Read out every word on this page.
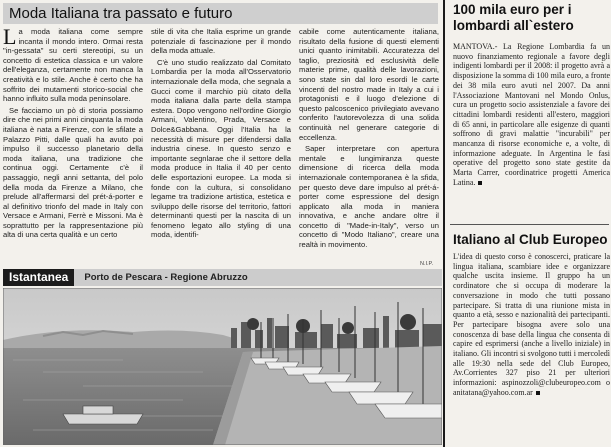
Moda Italiana tra passato e futuro

La moda italiana come sempre incanta il mondo intero. Ormai resta "in-gessata" su certi stereotipi, su un concetto di estetica classica e un valore dell'eleganza, certamente non manca la creatività e lo stile. Anche è certo che ha soffrito dei mutamenti storico-social che hanno influito sulla moda peninsolare.

Se facciamo un pò di storia possiamo dire che nei primi anni cinquanta la moda italiana è nata a Firenze, con le sfilate a Palazzo Pitti, dalle quali ha avuto poi impulso il successo planetario della moda italiana, una tradizione che continua oggi. Certamente c'è il passaggio, negli anni settanta, del polo della moda da Firenze a Milano, che prelude all'affermarsi del prét-á-porter e al definitivo trionfo del made in Italy con Versace e Armani, Ferrè e Missoni. Ma è soprattutto per la rappresentazione più alta di una certa qualità e un certo

stile di vita che Italia esprime un grande potenziale di fascinazione per il mondo della moda attuale.

C'è uno studio realizzato dal Comitato Lombardia per la moda all'Osservatorio internazionale della moda, che segnala a Gucci come il marchio più citato della moda italiana dalla parte della stampa estera. Dopo vengono nell'ordine Giorgio Armani, Valentino, Prada, Versace e Dolce&Gabbana. Oggi l'Italia ha la necessità di misure per difendersi dalla industria cinese. In questo senzo e importante segnlarae che il settore della moda produce in Italia il 40 per cento delle esportazioni europee. La moda si fonde con la cultura, si consolidano legame tra tradizione artistica, estetica e sviluppo delle risorse del territorio, fattori determinanti questi per la nascita di un fenomeno legato allo styling di una moda, identifi-

cabile come autenticamente italiana, risultato della fusione di questi elementi unici quanto inimitabili. Accuratezza del taglio, preziosità ed esclusività delle materie prime, qualità delle lavorazioni, sono state sin dal loro esordi le carte vincenti del nostro made in Italy a cui i protagonisti e il luogo d'elezione di questo palcoscenico privilegiato avevano conferito l'autorevolezza di una solida continuità nel generare categorie di eccellenza.

Saper interpretare con apertura mentale e lungimiranza queste dimensione di ricerca della moda internazionale contemporanea è la sfida, per questo deve dare impulso al prét-á-porter come espressione del design applicato alla moda in maniera innovativa, e anche andare oltre il concetto di "Made-in-Italy", verso un concetto di "Modo Italiano", creare una realtà in movimento.

N.I.P.
Istantanea	Porto de Pescara - Regione Abruzzo
100 mila euro per i lombardi all`estero

MANTOVA.- La Regione Lombardia fa un nuovo finanziamento regionale a favore degli indigenti lombardi per il 2008: il progetto avrà a disposizione la somma di 100 mila euro, a fronte dei 38 mila euro avuti nel 2007. Da anni l'Associazione Mantovani nel Mondo Onlus, cura un progetto socio assistenziale a favore dei cittadini lombardi residenti all'estero, maggiori di 65 anni, in particolare alle esigenze di quanti soffrono di gravi malattie "incurabili" per mancanza di risorse economiche e, a volte, di informazione adeguate. In Argentina le fasi operative del progetto sono state gestite da Marta Carrer, coordinatrice progetti America Latina.

Italiano al Club Europeo

L'idea di questo corso è conoscerci, praticare la lingua italiana, scambiare idee e organizzare qualche uscita insieme. Il gruppo ha un cordinatore che si occupa di moderare la conversazione in modo che tutti possano partecipare. Si tratta di una riunione mista in quanto a età, sesso e nazionalità dei partecipanti. Per partecipare bisogna avere solo una conoscenza di base della lingua che consenta di capire ed esprimersi (anche a livello iniziale) in italiano. Gli incontri si svolgono tutti i mercoledì alle 19:30 nella sede del Club Europeo, Av.Corrientes 327 piso 21 per ulteriori informazioni: aspinozzoli@clubeuropeo.com o anitatana@yahoo.com.ar
